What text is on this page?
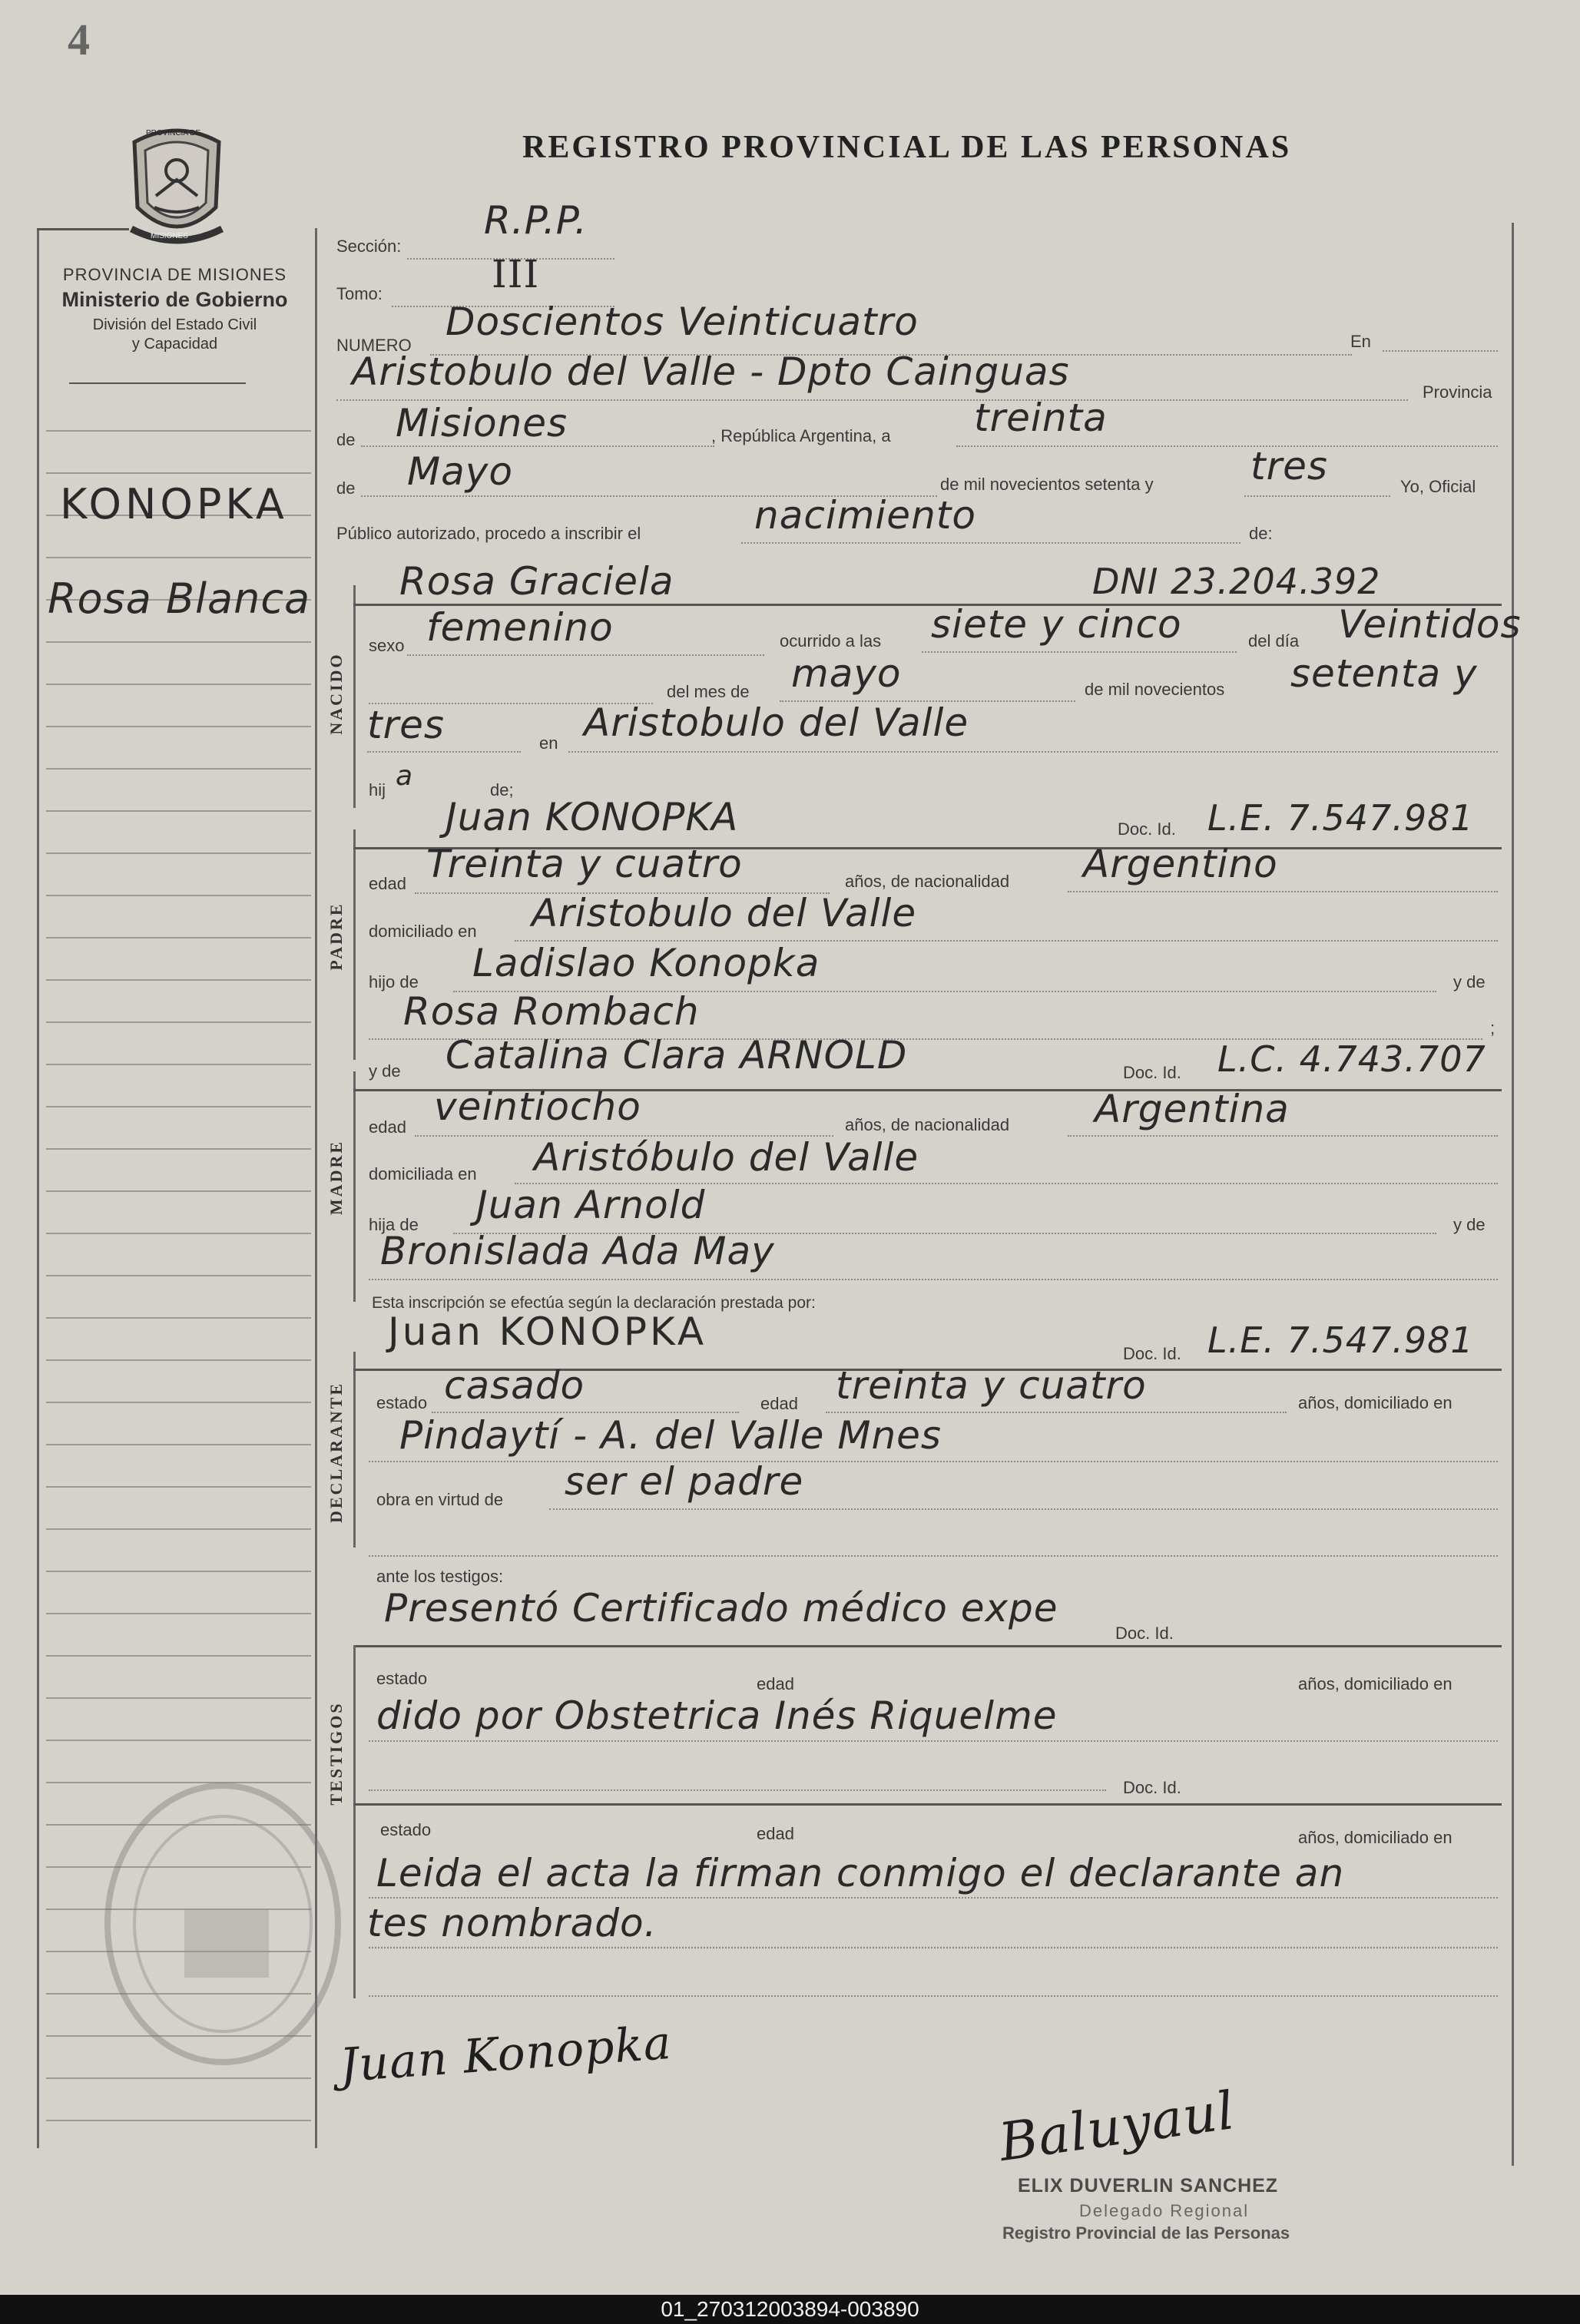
4
REGISTRO PROVINCIAL DE LAS PERSONAS
PROVINCIA DE
MISIONES
PROVINCIA DE MISIONES
Ministerio de Gobierno
División del Estado Civil
y Capacidad
KONOPKA
Rosa Blanca
Sección:
R.P.P.
Tomo:	III
NUMERO
Doscientos Veinticuatro	En
Aristobulo del Valle - Dpto Cainguas	Provincia
de Misiones	, República Argentina, a treinta
de Mayo	de mil novecientos setenta y	tres	Yo, Oficial
Público autorizado, procedo a inscribir el	nacimiento	de:
NACIDO
Rosa Graciela	DNI 23.204.392
sexo femenino	ocurrido a las siete y cinco	del día Veintidos
del mes de mayo	de mil novecientos setenta y
tres	en Aristobulo del Valle
hij a	de;
PADRE
Juan KONOPKA	Doc. Id. L.E. 7.547.981
edad Treinta y cuatro	años, de nacionalidad Argentino
domiciliado en Aristobulo del Valle
hijo de Ladislao Konopka	y de
Rosa Rombach	;
y de Catalina Clara ARNOLD	Doc. Id. L.C. 4.743.707
MADRE
edad veintiocho	años, de nacionalidad Argentina
domiciliada en Aristóbulo del Valle
hija de Juan Arnold	y de
Bronislada Ada May
Esta inscripción se efectúa según la declaración prestada por:
Juan KONOPKA	Doc. Id. L.E. 7.547.981
DECLARANTE estado casado	edad treinta y cuatro	años, domiciliado en
Pindaytí - A. del Valle Mnes
obra en virtud de ser el padre
ante los testigos:
Presentó Certificado médico expe
Doc. Id.
TESTIGOS
estado	edad	años, domiciliado en
dido por Obstetrica Inés Riquelme
Doc. Id.
estado	edad	años, domiciliado en
Leida el acta la firman conmigo el declarante an
tes nombrado.
Juan Konopka
Baluyaul
ELIX DUVERLIN SANCHEZ
Delegado Regional
Registro Provincial de las Personas
01_270312003894-003890
